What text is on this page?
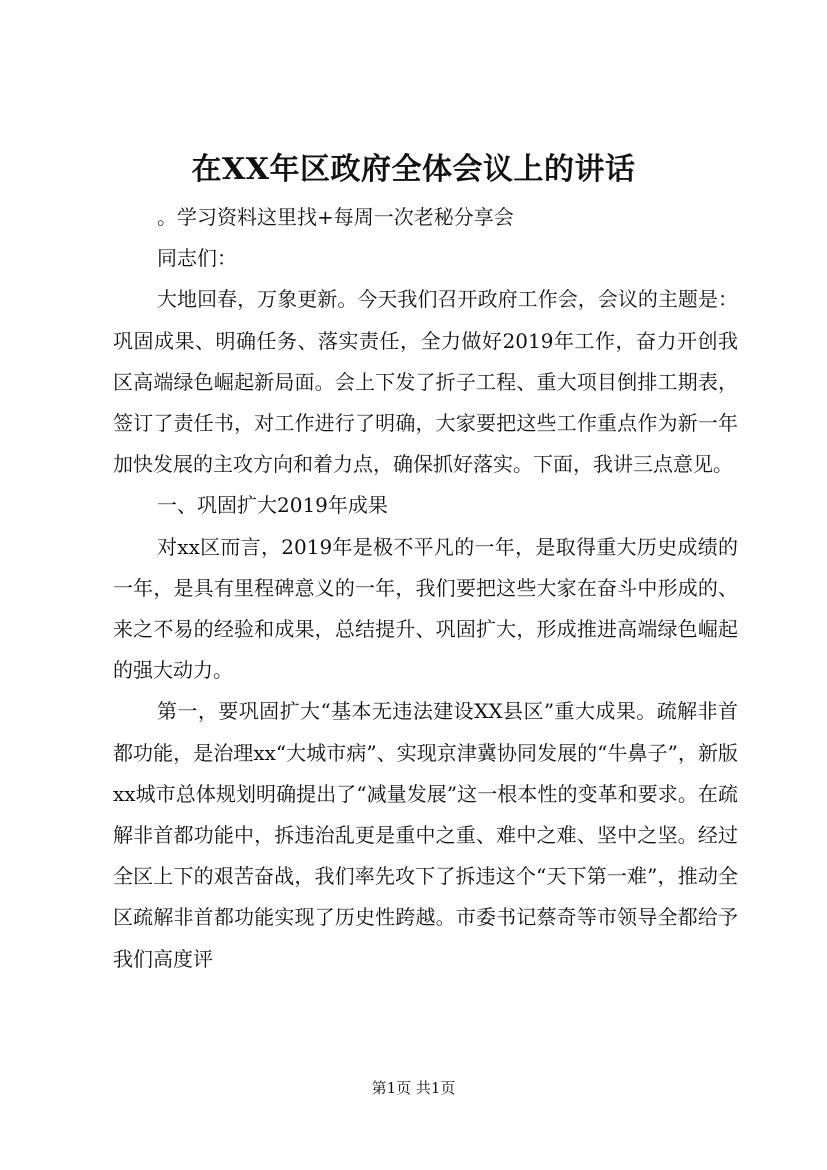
在XX年区政府全体会议上的讲话

。学习资料这里找+每周一次老秘分享会

同志们：

大地回春，万象更新。今天我们召开政府工作会，会议的主题是：巩固成果、明确任务、落实责任，全力做好2019年工作，奋力开创我区高端绿色崛起新局面。会上下发了折子工程、重大项目倒排工期表，签订了责任书，对工作进行了明确，大家要把这些工作重点作为新一年加快发展的主攻方向和着力点，确保抓好落实。下面，我讲三点意见。

一、巩固扩大2019年成果

对xx区而言，2019年是极不平凡的一年，是取得重大历史成绩的一年，是具有里程碑意义的一年，我们要把这些大家在奋斗中形成的、来之不易的经验和成果，总结提升、巩固扩大，形成推进高端绿色崛起的强大动力。

第一，要巩固扩大“基本无违法建设XX县区”重大成果。疏解非首都功能，是治理xx“大城市病”、实现京津冀协同发展的“牛鼻子”，新版xx城市总体规划明确提出了“减量发展”这一根本性的变革和要求。在疏解非首都功能中，拆违治乱更是重中之重、难中之难、坚中之坚。经过全区上下的艰苦奋战，我们率先攻下了拆违这个“天下第一难”，推动全区疏解非首都功能实现了历史性跨越。市委书记蔡奇等市领导全都给予我们高度评

第1页 共1页
